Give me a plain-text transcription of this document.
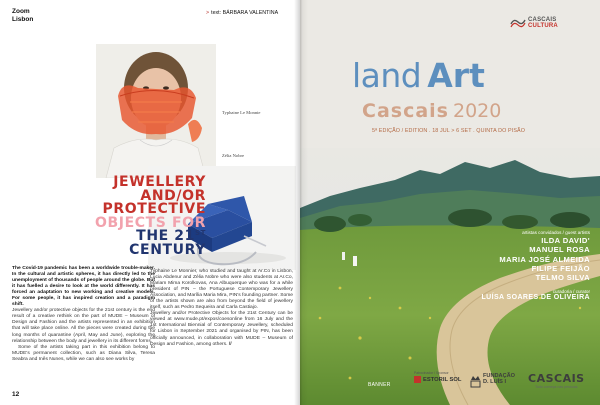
Zoom
Lisbon
> text: BÁRBARA VALENTINA
Typhaine Le Monnie
Zélia Nobre
JEWELLERY
AND/OR
PROTECTIVE
OBJECTS FOR
THE 21ST CENTURY

The Covid-19 pandemic has been a worldwide trouble-maker. In the cultural and artistic spheres, it has directly led to the unemployment of thousands of people around the globe. But it has fuelled a desire to look at the world differently. It has forced an adaptation to new working and creative models. For some people, it has inspired creation and a paradigm shift.

Jewellery and/or protective objects for the 21st century is the end result of a creative rethink on the part of MUDE – Museum of Design and Fashion and the artists represented in an exhibition that will take place online. All the pieces were created during the long months of quarantine (April, May and June), exploring the relationship between the body and jewellery in its different forms.

Some of the artists taking part in this exhibition belong to MUDE's permanent collection, such as Diana Silva, Teresa Seabra and Inês Nunes, while we can also see works by

Typhaine Le Monnier, who studied and taught at Ar.Co in Lisbon, Lucia Abdenur and Zélia Nobre who were also students at Ar.Co, Mariam Mima Korolkovas, Ana Albuquerque who was for a while president of PIN – the Portuguese Contemporary Jewellery Association, and Marília Maria Mira, PIN's founding partner. Some of the artists shown are also from beyond the field of jewellery itself, such as Pedro Sequeira and Carla Castiajo.

Jewellery and/or Protective Objects for the 21st Century can be viewed at www.mude.pt/expos/coesonline from 16 July and the 1st International Biennial of Contemporary Jewellery, scheduled for Lisbon in September 2021 and organised by PIN, has been officially announced, in collaboration with MUDE – Museum of Design and Fashion, among others. //

12
CASCAIS
CULTURA
land Art
Cascais 2020
5ª EDIÇÃO / EDITION . 18 JUL > 6 SET . QUINTA DO PISÃO
artistas convidados / guest artists
ILDA DAVID'
MANUEL ROSA
MARIA JOSÉ ALMEIDA
FILIPE FEIJÃO
TELMO SILVA
curadoria / curator
LUÍSA SOARES DE OLIVEIRA
BANNER
Patrocinador / Sponsor
ESTORIL SOL
FUNDAÇÃO
D. LUÍS I	CASCAIS
Todo começa nas pessoas
